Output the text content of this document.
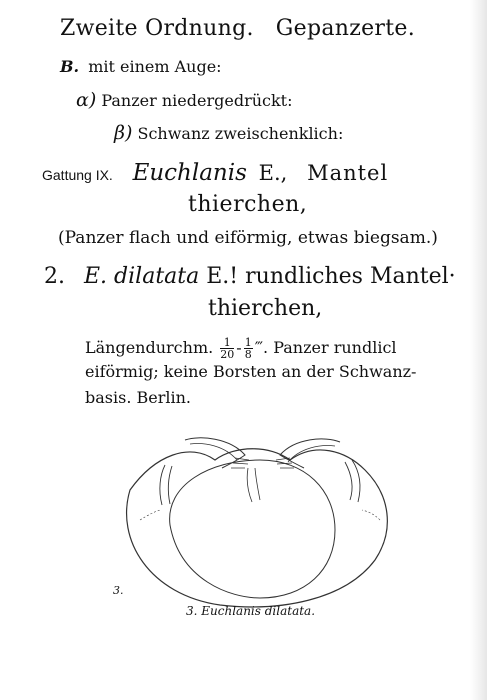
Zweite Ordnung. Gepanzerte.
B. mit einem Auge:
α) Panzer niedergedrückt:
β) Schwanz zweischenklich:
Gattung IX. Euchlanis E., Mantel
thierchen,
(Panzer flach und eiförmig, etwas biegsam.)
2. E. dilatata E.! rundliches Mantel·
thierchen,
Längendurchm. $\frac{1}{20} - \frac{1}{8}$ ‴. Panzer rundlicl
eiförmig; keine Borsten an der Schwanz-
basis. Berlin.
3.
3. Euchlanis dilatata.
